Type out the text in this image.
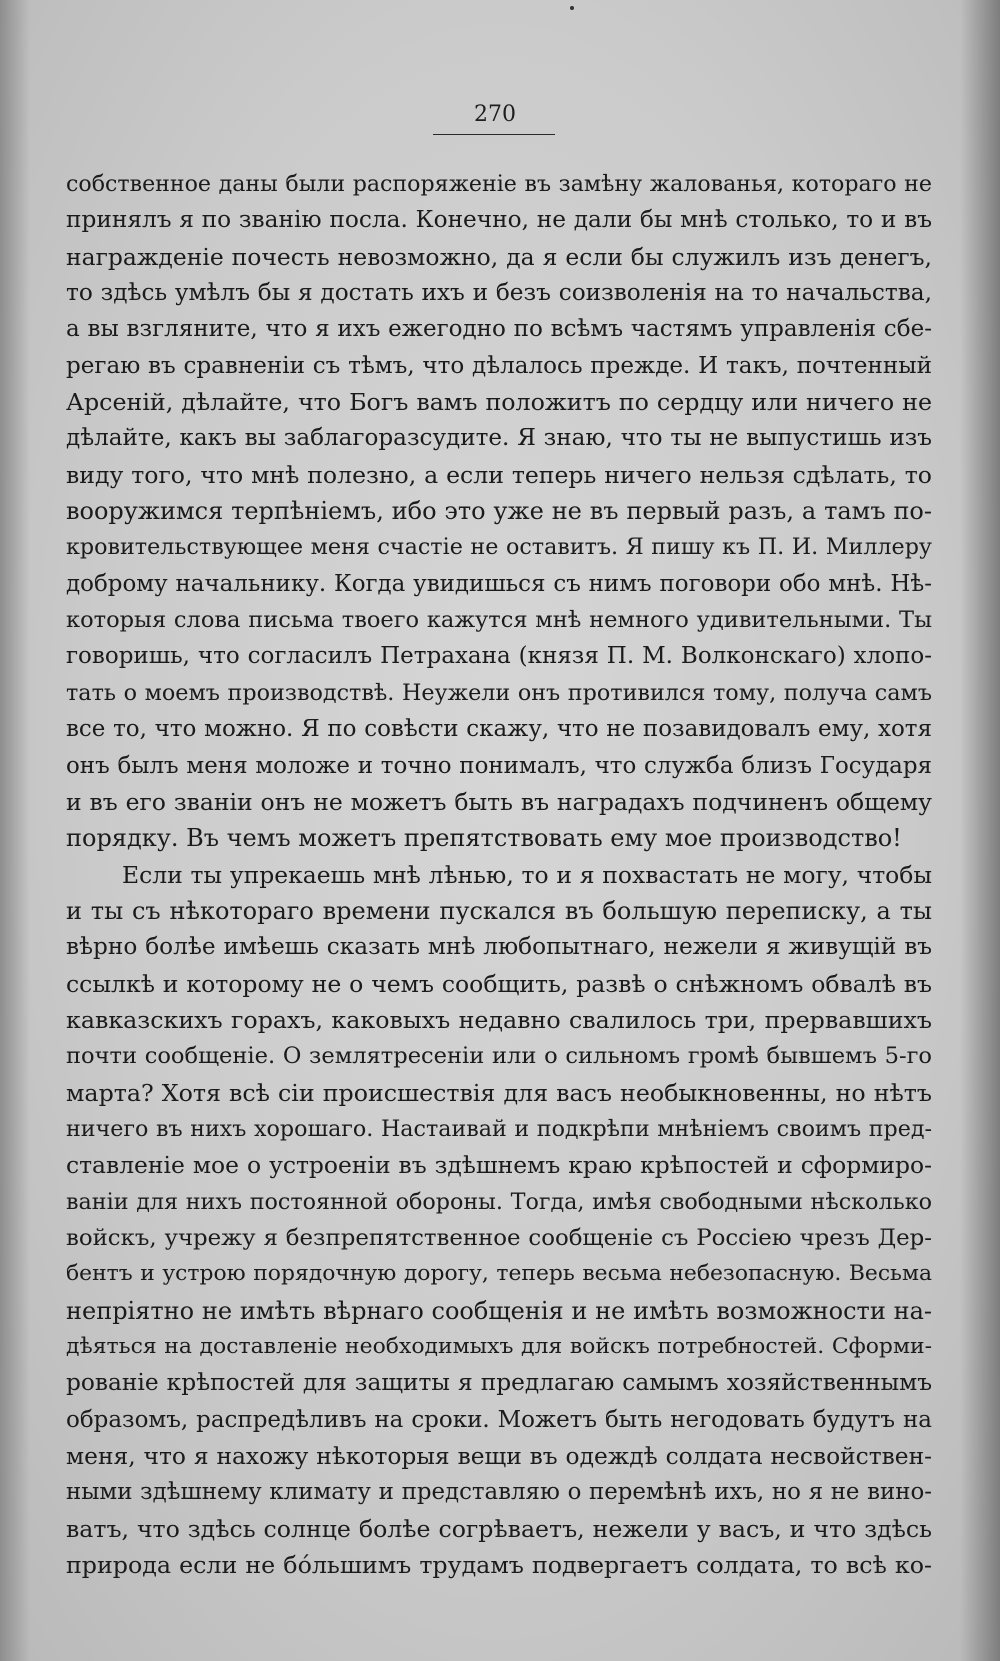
270
собственное даны были распоряженіе въ замѣну жалованья, котораго не
принялъ я по званію посла. Конечно, не дали бы мнѣ столько, то и въ
награжденіе почесть невозможно, да я если бы служилъ изъ денегъ,
то здѣсь умѣлъ бы я достать ихъ и безъ соизволенія на то начальства,
а вы взгляните, что я ихъ ежегодно по всѣмъ частямъ управленія сбе-
регаю въ сравненіи съ тѣмъ, что дѣлалось прежде. И такъ, почтенный
Арсеній, дѣлайте, что Богъ вамъ положитъ по сердцу или ничего не
дѣлайте, какъ вы заблагоразсудите. Я знаю, что ты не выпустишь изъ
виду того, что мнѣ полезно, а если теперь ничего нельзя сдѣлать, то
вооружимся терпѣніемъ, ибо это уже не въ первый разъ, а тамъ по-
кровительствующее меня счастіе не оставитъ. Я пишу къ П. И. Миллеру
доброму начальнику. Когда увидишься съ нимъ поговори обо мнѣ. Нѣ-
которыя слова письма твоего кажутся мнѣ немного удивительными. Ты
говоришь, что согласилъ Петрахана (князя П. М. Волконскаго) хлопо-
тать о моемъ производствѣ. Неужели онъ противился тому, получа самъ
все то, что можно. Я по совѣсти скажу, что не позавидовалъ ему, хотя
онъ былъ меня моложе и точно понималъ, что служба близъ Государя
и въ его званіи онъ не можетъ быть въ наградахъ подчиненъ общему
порядку. Въ чемъ можетъ препятствовать ему мое производство!
Если ты упрекаешь мнѣ лѣнью, то и я похвастать не могу, чтобы
и ты съ нѣкотораго времени пускался въ большую переписку, а ты
вѣрно болѣе имѣешь сказать мнѣ любопытнаго, нежели я живущій въ
ссылкѣ и которому не о чемъ сообщить, развѣ о снѣжномъ обвалѣ въ
кавказскихъ горахъ, каковыхъ недавно свалилось три, прервавшихъ
почти сообщеніе. О землятресеніи или о сильномъ громѣ бывшемъ 5-го
марта? Хотя всѣ сіи происшествія для васъ необыкновенны, но нѣтъ
ничего въ нихъ хорошаго. Настаивай и подкрѣпи мнѣніемъ своимъ пред-
ставленіе мое о устроеніи въ здѣшнемъ краю крѣпостей и сформиро-
ваніи для нихъ постоянной обороны. Тогда, имѣя свободными нѣсколько
войскъ, учрежу я безпрепятственное сообщеніе съ Россіею чрезъ Дер-
бентъ и устрою порядочную дорогу, теперь весьма небезопасную. Весьма
непріятно не имѣть вѣрнаго сообщенія и не имѣть возможности на-
дѣяться на доставленіе необходимыхъ для войскъ потребностей. Сформи-
рованіе крѣпостей для защиты я предлагаю самымъ хозяйственнымъ
образомъ, распредѣливъ на сроки. Можетъ быть негодовать будутъ на
меня, что я нахожу нѣкоторыя вещи въ одеждѣ солдата несвойствен-
ными здѣшнему климату и представляю о перемѣнѣ ихъ, но я не вино-
ватъ, что здѣсь солнце болѣе согрѣваетъ, нежели у васъ, и что здѣсь
природа если не бóльшимъ трудамъ подвергаетъ солдата, то всѣ ко-
